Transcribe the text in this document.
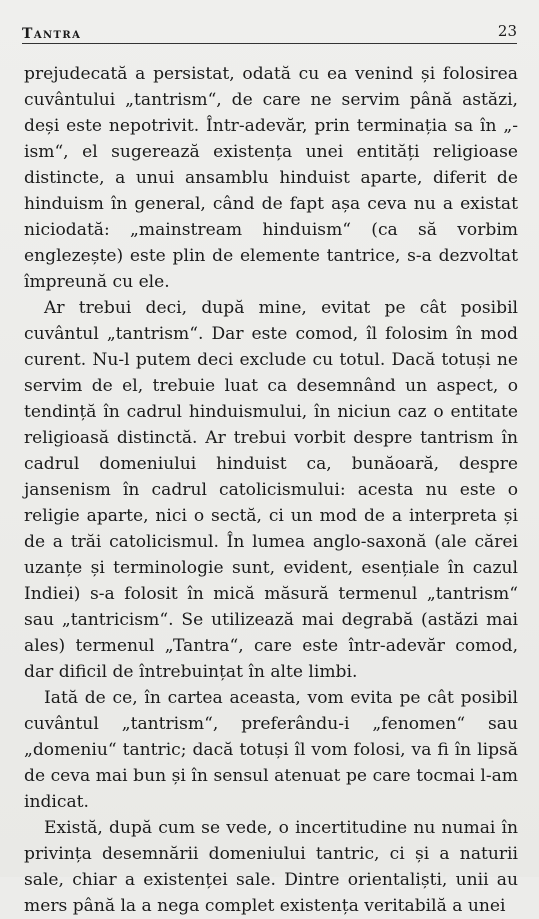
Tantra	23

prejudecată a persistat, odată cu ea venind și folosirea cuvântului „tantrism“, de care ne servim până astăzi, deși este nepotrivit. Într-adevăr, prin terminația sa în „-ism“, el sugerează existența unei entități religioase distincte, a unui ansamblu hinduist aparte, diferit de hinduism în general, când de fapt așa ceva nu a existat niciodată: „mainstream hinduism“ (ca să vorbim englezește) este plin de elemente tantrice, s-a dezvoltat împreună cu ele.

Ar trebui deci, după mine, evitat pe cât posibil cuvântul „tantrism“. Dar este comod, îl folosim în mod curent. Nu-l putem deci exclude cu totul. Dacă totuși ne servim de el, trebuie luat ca desemnând un aspect, o tendință în cadrul hinduismului, în niciun caz o entitate religioasă distinctă. Ar trebui vorbit despre tantrism în cadrul domeniului hinduist ca, bunăoară, despre jansenism în cadrul catolicismului: acesta nu este o religie aparte, nici o sectă, ci un mod de a interpreta și de a trăi catolicismul. În lumea anglo-saxonă (ale cărei uzanțe și terminologie sunt, evident, esențiale în cazul Indiei) s-a folosit în mică măsură termenul „tantrism“ sau „tantricism“. Se utilizează mai degrabă (astăzi mai ales) termenul „Tantra“, care este într-adevăr comod, dar dificil de întrebuințat în alte limbi.

Iată de ce, în cartea aceasta, vom evita pe cât posibil cuvântul „tantrism“, preferându-i „fenomen“ sau „domeniu“ tantric; dacă totuși îl vom folosi, va fi în lipsă de ceva mai bun și în sensul atenuat pe care tocmai l-am indicat.

Există, după cum se vede, o incertitudine nu numai în privința desemnării domeniului tantric, ci și a naturii sale, chiar a existenței sale. Dintre orientaliști, unii au mers până la a nega complet existența veritabilă a unei
